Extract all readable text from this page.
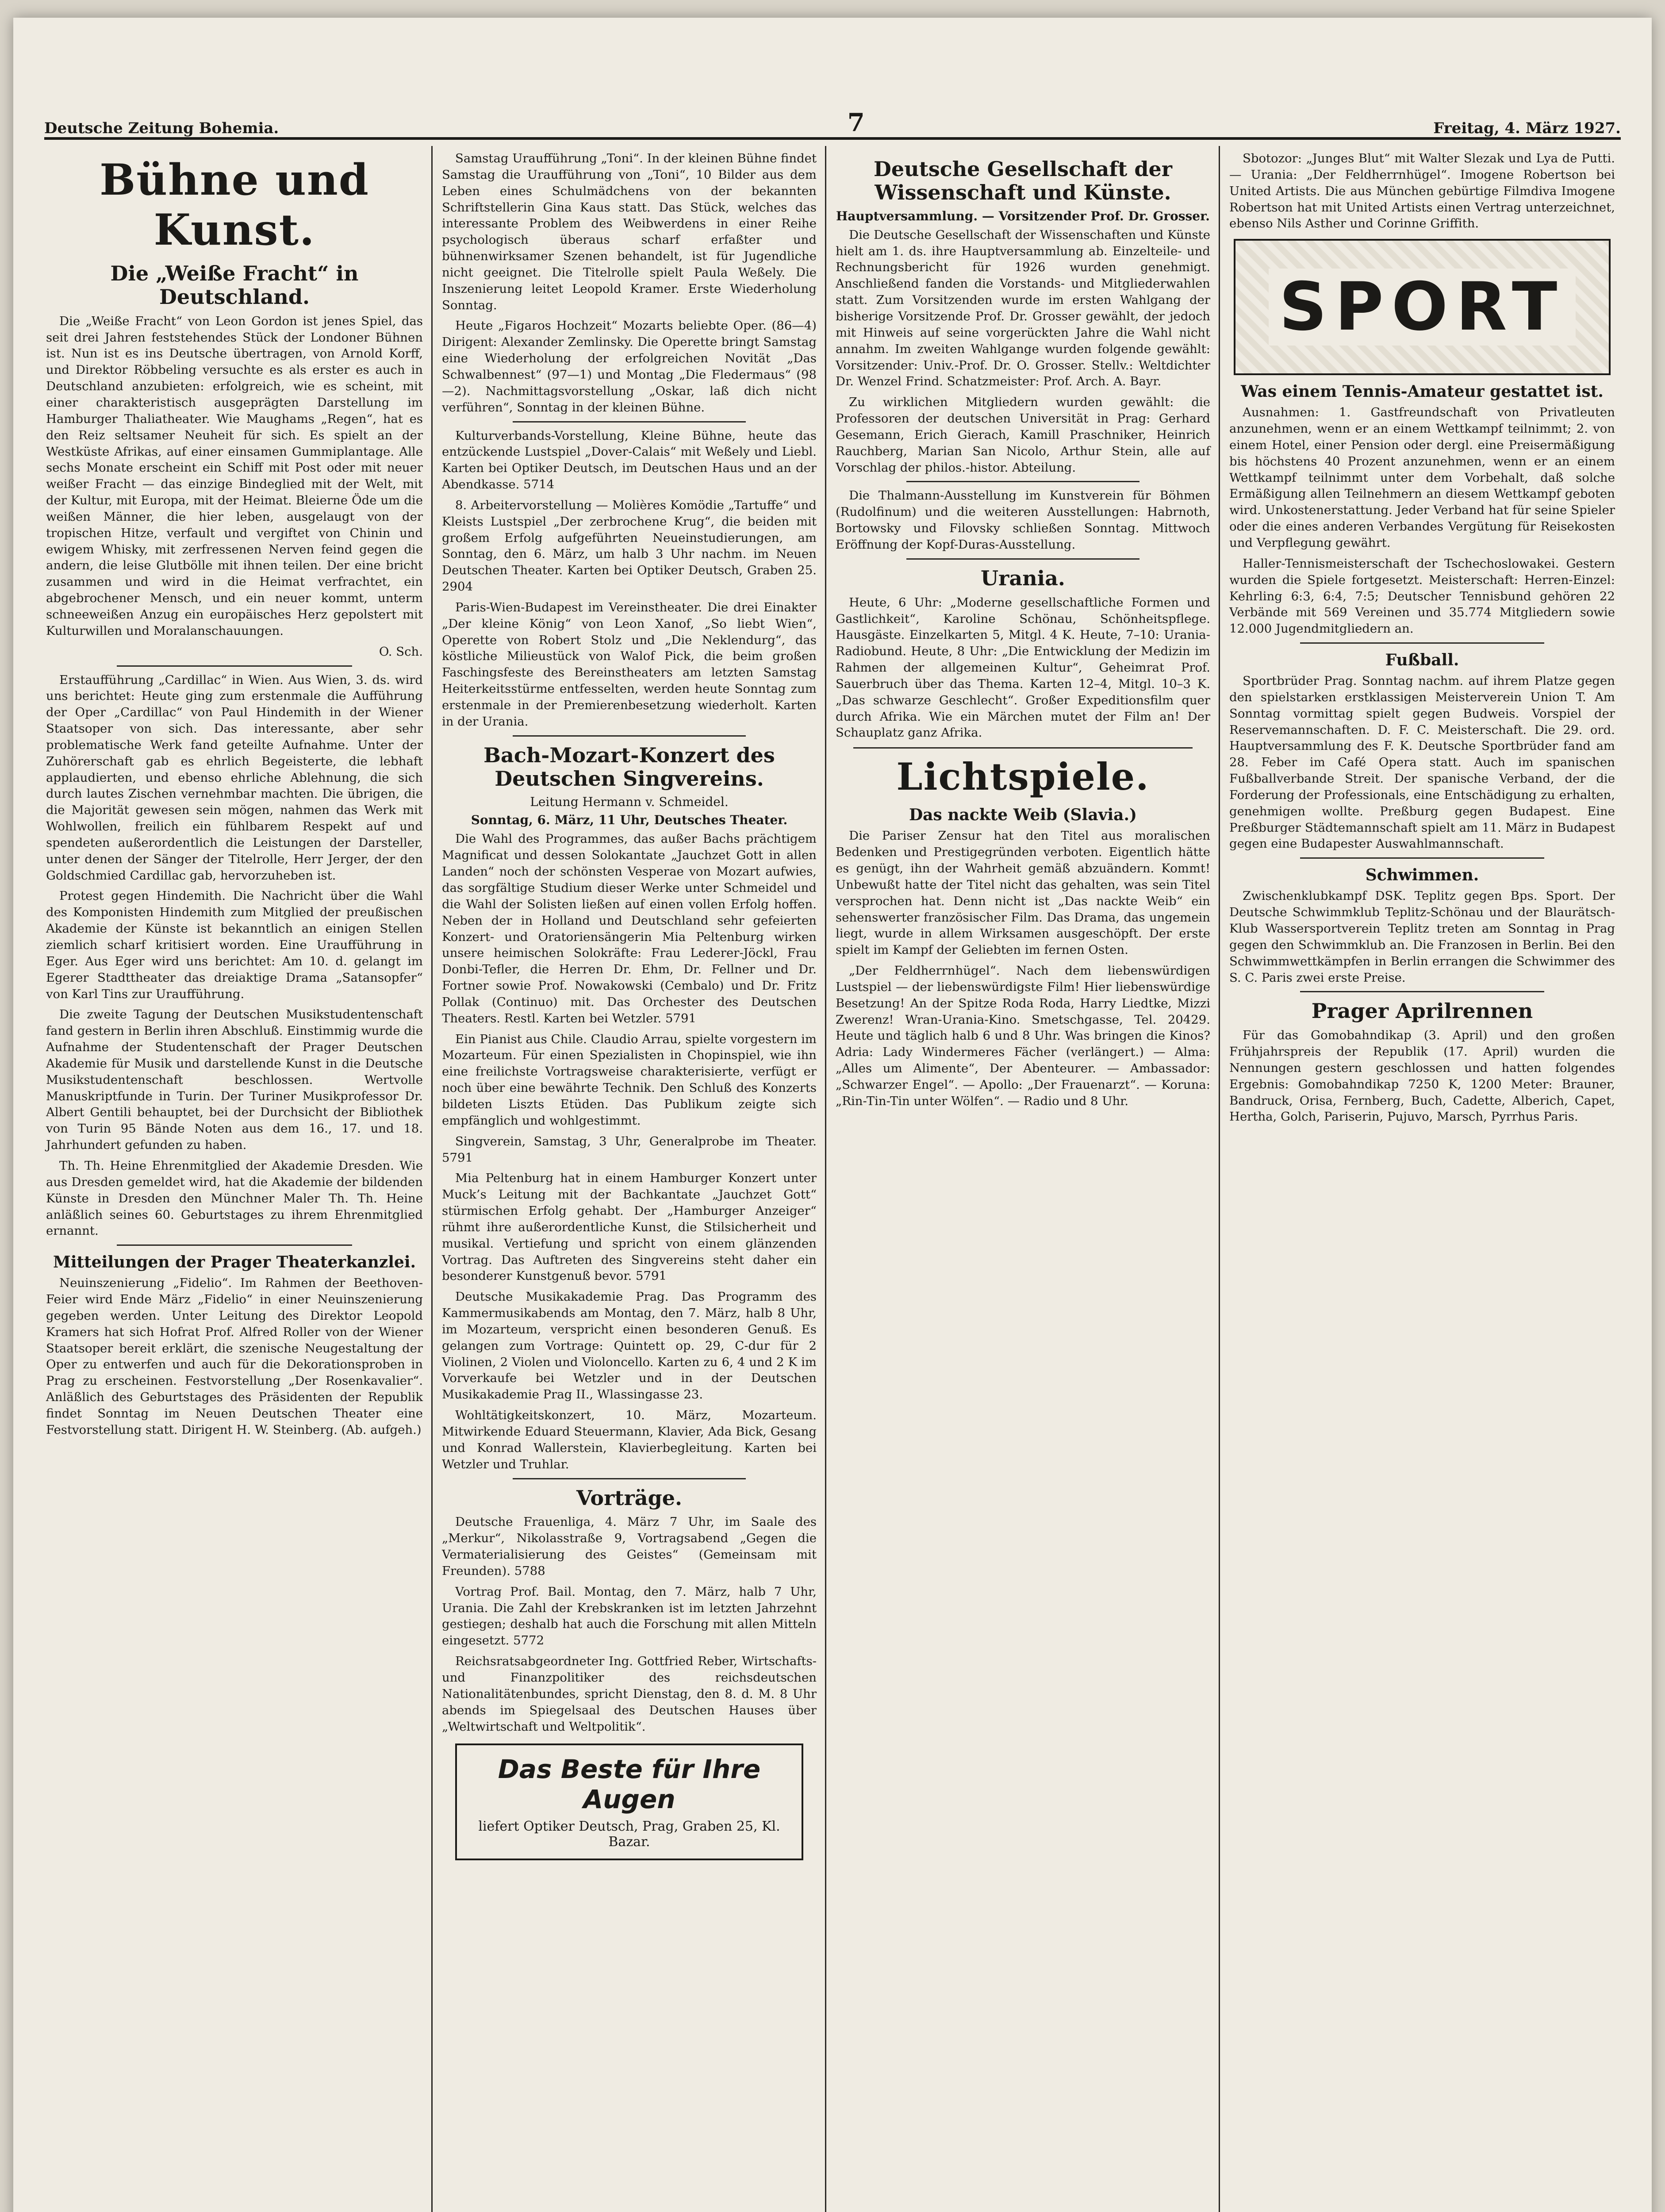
Deutsche Zeitung Bohemia.	7	Freitag, 4. März 1927.
Bühne und Kunst.
Die „Weiße Fracht“ in Deutschland.

Die „Weiße Fracht“ von Leon Gordon ist jenes Spiel, das seit drei Jahren feststehendes Stück der Londoner Bühnen ist. Nun ist es ins Deutsche übertragen, von Arnold Korff, und Direktor Röbbeling versuchte es als erster es auch in Deutschland anzubieten: erfolgreich, wie es scheint, mit einer charakteristisch ausgeprägten Darstellung im Hamburger Thaliatheater. Wie Maughams „Regen“, hat es den Reiz seltsamer Neuheit für sich. Es spielt an der Westküste Afrikas, auf einer einsamen Gummiplantage. Alle sechs Monate erscheint ein Schiff mit Post oder mit neuer weißer Fracht — das einzige Bindeglied mit der Welt, mit der Kultur, mit Europa, mit der Heimat. Bleierne Öde um die weißen Männer, die hier leben, ausgelaugt von der tropischen Hitze, verfault und vergiftet von Chinin und ewigem Whisky, mit zerfressenen Nerven feind gegen die andern, die leise Glutbölle mit ihnen teilen. Der eine bricht zusammen und wird in die Heimat verfrachtet, ein abgebrochener Mensch, und ein neuer kommt, unterm schneeweißen Anzug ein europäisches Herz gepolstert mit Kulturwillen und Moralanschauungen.

O. Sch.

Erstaufführung „Cardillac“ in Wien. Aus Wien, 3. ds. wird uns berichtet: Heute ging zum erstenmale die Aufführung der Oper „Cardillac“ von Paul Hindemith in der Wiener Staatsoper von sich. Das interessante, aber sehr problematische Werk fand geteilte Aufnahme. Unter der Zuhörerschaft gab es ehrlich Begeisterte, die lebhaft applaudierten, und ebenso ehrliche Ablehnung, die sich durch lautes Zischen vernehmbar machten. Die übrigen, die die Majorität gewesen sein mögen, nahmen das Werk mit Wohlwollen, freilich ein fühlbarem Respekt auf und spendeten außerordentlich die Leistungen der Darsteller, unter denen der Sänger der Titelrolle, Herr Jerger, der den Goldschmied Cardillac gab, hervorzuheben ist.

Protest gegen Hindemith. Die Nachricht über die Wahl des Komponisten Hindemith zum Mitglied der preußischen Akademie der Künste ist bekanntlich an einigen Stellen ziemlich scharf kritisiert worden. Eine Uraufführung in Eger. Aus Eger wird uns berichtet: Am 10. d. gelangt im Egerer Stadttheater das dreiaktige Drama „Satansopfer“ von Karl Tins zur Uraufführung.

Die zweite Tagung der Deutschen Musikstudentenschaft fand gestern in Berlin ihren Abschluß. Einstimmig wurde die Aufnahme der Studentenschaft der Prager Deutschen Akademie für Musik und darstellende Kunst in die Deutsche Musikstudentenschaft beschlossen. Wertvolle Manuskriptfunde in Turin. Der Turiner Musikprofessor Dr. Albert Gentili behauptet, bei der Durchsicht der Bibliothek von Turin 95 Bände Noten aus dem 16., 17. und 18. Jahrhundert gefunden zu haben.

Th. Th. Heine Ehrenmitglied der Akademie Dresden. Wie aus Dresden gemeldet wird, hat die Akademie der bildenden Künste in Dresden den Münchner Maler Th. Th. Heine anläßlich seines 60. Geburtstages zu ihrem Ehrenmitglied ernannt.

Mitteilungen der Prager Theaterkanzlei.

Neuinszenierung „Fidelio“. Im Rahmen der Beethoven-Feier wird Ende März „Fidelio“ in einer Neuinszenierung gegeben werden. Unter Leitung des Direktor Leopold Kramers hat sich Hofrat Prof. Alfred Roller von der Wiener Staatsoper bereit erklärt, die szenische Neugestaltung der Oper zu entwerfen und auch für die Dekorationsproben in Prag zu erscheinen. Festvorstellung „Der Rosenkavalier“. Anläßlich des Geburtstages des Präsidenten der Republik findet Sonntag im Neuen Deutschen Theater eine Festvorstellung statt. Dirigent H. W. Steinberg. (Ab. aufgeh.)

Samstag Uraufführung „Toni“. In der kleinen Bühne findet Samstag die Uraufführung von „Toni“, 10 Bilder aus dem Leben eines Schulmädchens von der bekannten Schriftstellerin Gina Kaus statt. Das Stück, welches das interessante Problem des Weibwerdens in einer Reihe psychologisch überaus scharf erfaßter und bühnenwirksamer Szenen behandelt, ist für Jugendliche nicht geeignet. Die Titelrolle spielt Paula Weßely. Die Inszenierung leitet Leopold Kramer. Erste Wiederholung Sonntag.

Heute „Figaros Hochzeit“ Mozarts beliebte Oper. (86—4) Dirigent: Alexander Zemlinsky. Die Operette bringt Samstag eine Wiederholung der erfolgreichen Novität „Das Schwalbennest“ (97—1) und Montag „Die Fledermaus“ (98—2). Nachmittagsvorstellung „Oskar, laß dich nicht verführen“, Sonntag in der kleinen Bühne.

Kulturverbands-Vorstellung, Kleine Bühne, heute das entzückende Lustspiel „Dover-Calais“ mit Weßely und Liebl. Karten bei Optiker Deutsch, im Deutschen Haus und an der Abendkasse. 5714

8. Arbeitervorstellung — Molières Komödie „Tartuffe“ und Kleists Lustspiel „Der zerbrochene Krug“, die beiden mit großem Erfolg aufgeführten Neueinstudierungen, am Sonntag, den 6. März, um halb 3 Uhr nachm. im Neuen Deutschen Theater. Karten bei Optiker Deutsch, Graben 25. 2904

Paris-Wien-Budapest im Vereinstheater. Die drei Einakter „Der kleine König“ von Leon Xanof, „So liebt Wien“, Operette von Robert Stolz und „Die Neklendurg“, das köstliche Milieustück von Walof Pick, die beim großen Faschingsfeste des Bereinstheaters am letzten Samstag Heiterkeitsstürme entfesselten, werden heute Sonntag zum erstenmale in der Premierenbesetzung wiederholt. Karten in der Urania.

Bach-Mozart-Konzert des Deutschen Singvereins.
Leitung Hermann v. Schmeidel.
Sonntag, 6. März, 11 Uhr, Deutsches Theater.

Die Wahl des Programmes, das außer Bachs prächtigem Magnificat und dessen Solokantate „Jauchzet Gott in allen Landen“ noch der schönsten Vesperae von Mozart aufwies, das sorgfältige Studium dieser Werke unter Schmeidel und die Wahl der Solisten ließen auf einen vollen Erfolg hoffen. Neben der in Holland und Deutschland sehr gefeierten Konzert- und Oratoriensängerin Mia Peltenburg wirken unsere heimischen Solokräfte: Frau Lederer-Jöckl, Frau Donbi-Tefler, die Herren Dr. Ehm, Dr. Fellner und Dr. Fortner sowie Prof. Nowakowski (Cembalo) und Dr. Fritz Pollak (Continuo) mit. Das Orchester des Deutschen Theaters. Restl. Karten bei Wetzler. 5791

Ein Pianist aus Chile. Claudio Arrau, spielte vorgestern im Mozarteum. Für einen Spezialisten in Chopinspiel, wie ihn eine freilichste Vortragsweise charakterisierte, verfügt er noch über eine bewährte Technik. Den Schluß des Konzerts bildeten Liszts Etüden. Das Publikum zeigte sich empfänglich und wohlgestimmt.

Singverein, Samstag, 3 Uhr, Generalprobe im Theater. 5791

Mia Peltenburg hat in einem Hamburger Konzert unter Muck’s Leitung mit der Bachkantate „Jauchzet Gott“ stürmischen Erfolg gehabt. Der „Hamburger Anzeiger“ rühmt ihre außerordentliche Kunst, die Stilsicherheit und musikal. Vertiefung und spricht von einem glänzenden Vortrag. Das Auftreten des Singvereins steht daher ein besonderer Kunstgenuß bevor. 5791

Deutsche Musikakademie Prag. Das Programm des Kammermusikabends am Montag, den 7. März, halb 8 Uhr, im Mozarteum, verspricht einen besonderen Genuß. Es gelangen zum Vortrage: Quintett op. 29, C-dur für 2 Violinen, 2 Violen und Violoncello. Karten zu 6, 4 und 2 K im Vorverkaufe bei Wetzler und in der Deutschen Musikakademie Prag II., Wlassingasse 23.

Wohltätigkeitskonzert, 10. März, Mozarteum. Mitwirkende Eduard Steuermann, Klavier, Ada Bick, Gesang und Konrad Wallerstein, Klavierbegleitung. Karten bei Wetzler und Truhlar.

Vorträge.

Deutsche Frauenliga, 4. März 7 Uhr, im Saale des „Merkur“, Nikolasstraße 9, Vortragsabend „Gegen die Vermaterialisierung des Geistes“ (Gemeinsam mit Freunden). 5788

Vortrag Prof. Bail. Montag, den 7. März, halb 7 Uhr, Urania. Die Zahl der Krebskranken ist im letzten Jahrzehnt gestiegen; deshalb hat auch die Forschung mit allen Mitteln eingesetzt. 5772

Reichsratsabgeordneter Ing. Gottfried Reber, Wirtschafts- und Finanzpolitiker des reichsdeutschen Nationalitätenbundes, spricht Dienstag, den 8. d. M. 8 Uhr abends im Spiegelsaal des Deutschen Hauses über „Weltwirtschaft und Weltpolitik“.

Das Beste für Ihre Augen
liefert Optiker Deutsch, Prag, Graben 25, Kl. Bazar.
Deutsche Gesellschaft der Wissenschaft und Künste.
Hauptversammlung. — Vorsitzender Prof. Dr. Grosser.

Die Deutsche Gesellschaft der Wissenschaften und Künste hielt am 1. ds. ihre Hauptversammlung ab. Einzelteile- und Rechnungsbericht für 1926 wurden genehmigt. Anschließend fanden die Vorstands- und Mitgliederwahlen statt. Zum Vorsitzenden wurde im ersten Wahlgang der bisherige Vorsitzende Prof. Dr. Grosser gewählt, der jedoch mit Hinweis auf seine vorgerückten Jahre die Wahl nicht annahm. Im zweiten Wahlgange wurden folgende gewählt: Vorsitzender: Univ.-Prof. Dr. O. Grosser. Stellv.: Weltdichter Dr. Wenzel Frind. Schatzmeister: Prof. Arch. A. Bayr.

Zu wirklichen Mitgliedern wurden gewählt: die Professoren der deutschen Universität in Prag: Gerhard Gesemann, Erich Gierach, Kamill Praschniker, Heinrich Rauchberg, Marian San Nicolo, Arthur Stein, alle auf Vorschlag der philos.-histor. Abteilung.

Die Thalmann-Ausstellung im Kunstverein für Böhmen (Rudolfinum) und die weiteren Ausstellungen: Habrnoth, Bortowsky und Filovsky schließen Sonntag. Mittwoch Eröffnung der Kopf-Duras-Ausstellung.

Urania.

Heute, 6 Uhr: „Moderne gesellschaftliche Formen und Gastlichkeit“, Karoline Schönau, Schönheitspflege. Hausgäste. Einzelkarten 5, Mitgl. 4 K. Heute, 7–10: Urania-Radiobund. Heute, 8 Uhr: „Die Entwicklung der Medizin im Rahmen der allgemeinen Kultur“, Geheimrat Prof. Sauerbruch über das Thema. Karten 12–4, Mitgl. 10–3 K. „Das schwarze Geschlecht“. Großer Expeditionsfilm quer durch Afrika. Wie ein Märchen mutet der Film an! Der Schauplatz ganz Afrika.

Lichtspiele.
Das nackte Weib (Slavia.)

Die Pariser Zensur hat den Titel aus moralischen Bedenken und Prestigegründen verboten. Eigentlich hätte es genügt, ihn der Wahrheit gemäß abzuändern. Kommt! Unbewußt hatte der Titel nicht das gehalten, was sein Titel versprochen hat. Denn nicht ist „Das nackte Weib“ ein sehenswerter französischer Film. Das Drama, das ungemein liegt, wurde in allem Wirksamen ausgeschöpft. Der erste spielt im Kampf der Geliebten im fernen Osten.

„Der Feldherrnhügel“. Nach dem liebenswürdigen Lustspiel — der liebenswürdigste Film! Hier liebenswürdige Besetzung! An der Spitze Roda Roda, Harry Liedtke, Mizzi Zwerenz! Wran-Urania-Kino. Smetschgasse, Tel. 20429. Heute und täglich halb 6 und 8 Uhr. Was bringen die Kinos? Adria: Lady Windermeres Fächer (verlängert.) — Alma: „Alles um Alimente“, Der Abenteurer. — Ambassador: „Schwarzer Engel“. — Apollo: „Der Frauenarzt“. — Koruna: „Rin-Tin-Tin unter Wölfen“. — Radio und 8 Uhr.

Sbotozor: „Junges Blut“ mit Walter Slezak und Lya de Putti. — Urania: „Der Feldherrnhügel“. Imogene Robertson bei United Artists. Die aus München gebürtige Filmdiva Imogene Robertson hat mit United Artists einen Vertrag unterzeichnet, ebenso Nils Asther und Corinne Griffith.

SPORT
Was einem Tennis-Amateur gestattet ist.

Ausnahmen: 1. Gastfreundschaft von Privatleuten anzunehmen, wenn er an einem Wettkampf teilnimmt; 2. von einem Hotel, einer Pension oder dergl. eine Preisermäßigung bis höchstens 40 Prozent anzunehmen, wenn er an einem Wettkampf teilnimmt unter dem Vorbehalt, daß solche Ermäßigung allen Teilnehmern an diesem Wettkampf geboten wird. Unkostenerstattung. Jeder Verband hat für seine Spieler oder die eines anderen Verbandes Vergütung für Reisekosten und Verpflegung gewährt.

Haller-Tennismeisterschaft der Tschechoslowakei. Gestern wurden die Spiele fortgesetzt. Meisterschaft: Herren-Einzel: Kehrling 6:3, 6:4, 7:5; Deutscher Tennisbund gehören 22 Verbände mit 569 Vereinen und 35.774 Mitgliedern sowie 12.000 Jugendmitgliedern an.

Fußball.

Sportbrüder Prag. Sonntag nachm. auf ihrem Platze gegen den spielstarken erstklassigen Meisterverein Union T. Am Sonntag vormittag spielt gegen Budweis. Vorspiel der Reservemannschaften. D. F. C. Meisterschaft. Die 29. ord. Hauptversammlung des F. K. Deutsche Sportbrüder fand am 28. Feber im Café Opera statt. Auch im spanischen Fußballverbande Streit. Der spanische Verband, der die Forderung der Professionals, eine Entschädigung zu erhalten, genehmigen wollte. Preßburg gegen Budapest. Eine Preßburger Städtemannschaft spielt am 11. März in Budapest gegen eine Budapester Auswahlmannschaft.

Schwimmen.

Zwischenklubkampf DSK. Teplitz gegen Bps. Sport. Der Deutsche Schwimmklub Teplitz-Schönau und der Blaurätsch-Klub Wassersportverein Teplitz treten am Sonntag in Prag gegen den Schwimmklub an. Die Franzosen in Berlin. Bei den Schwimmwettkämpfen in Berlin errangen die Schwimmer des S. C. Paris zwei erste Preise.

Prager Aprilrennen

Für das Gomobahndikap (3. April) und den großen Frühjahrspreis der Republik (17. April) wurden die Nennungen gestern geschlossen und hatten folgendes Ergebnis: Gomobahndikap 7250 K, 1200 Meter: Brauner, Bandruck, Orisa, Fernberg, Buch, Cadette, Alberich, Capet, Hertha, Golch, Pariserin, Pujuvo, Marsch, Pyrrhus Paris.
